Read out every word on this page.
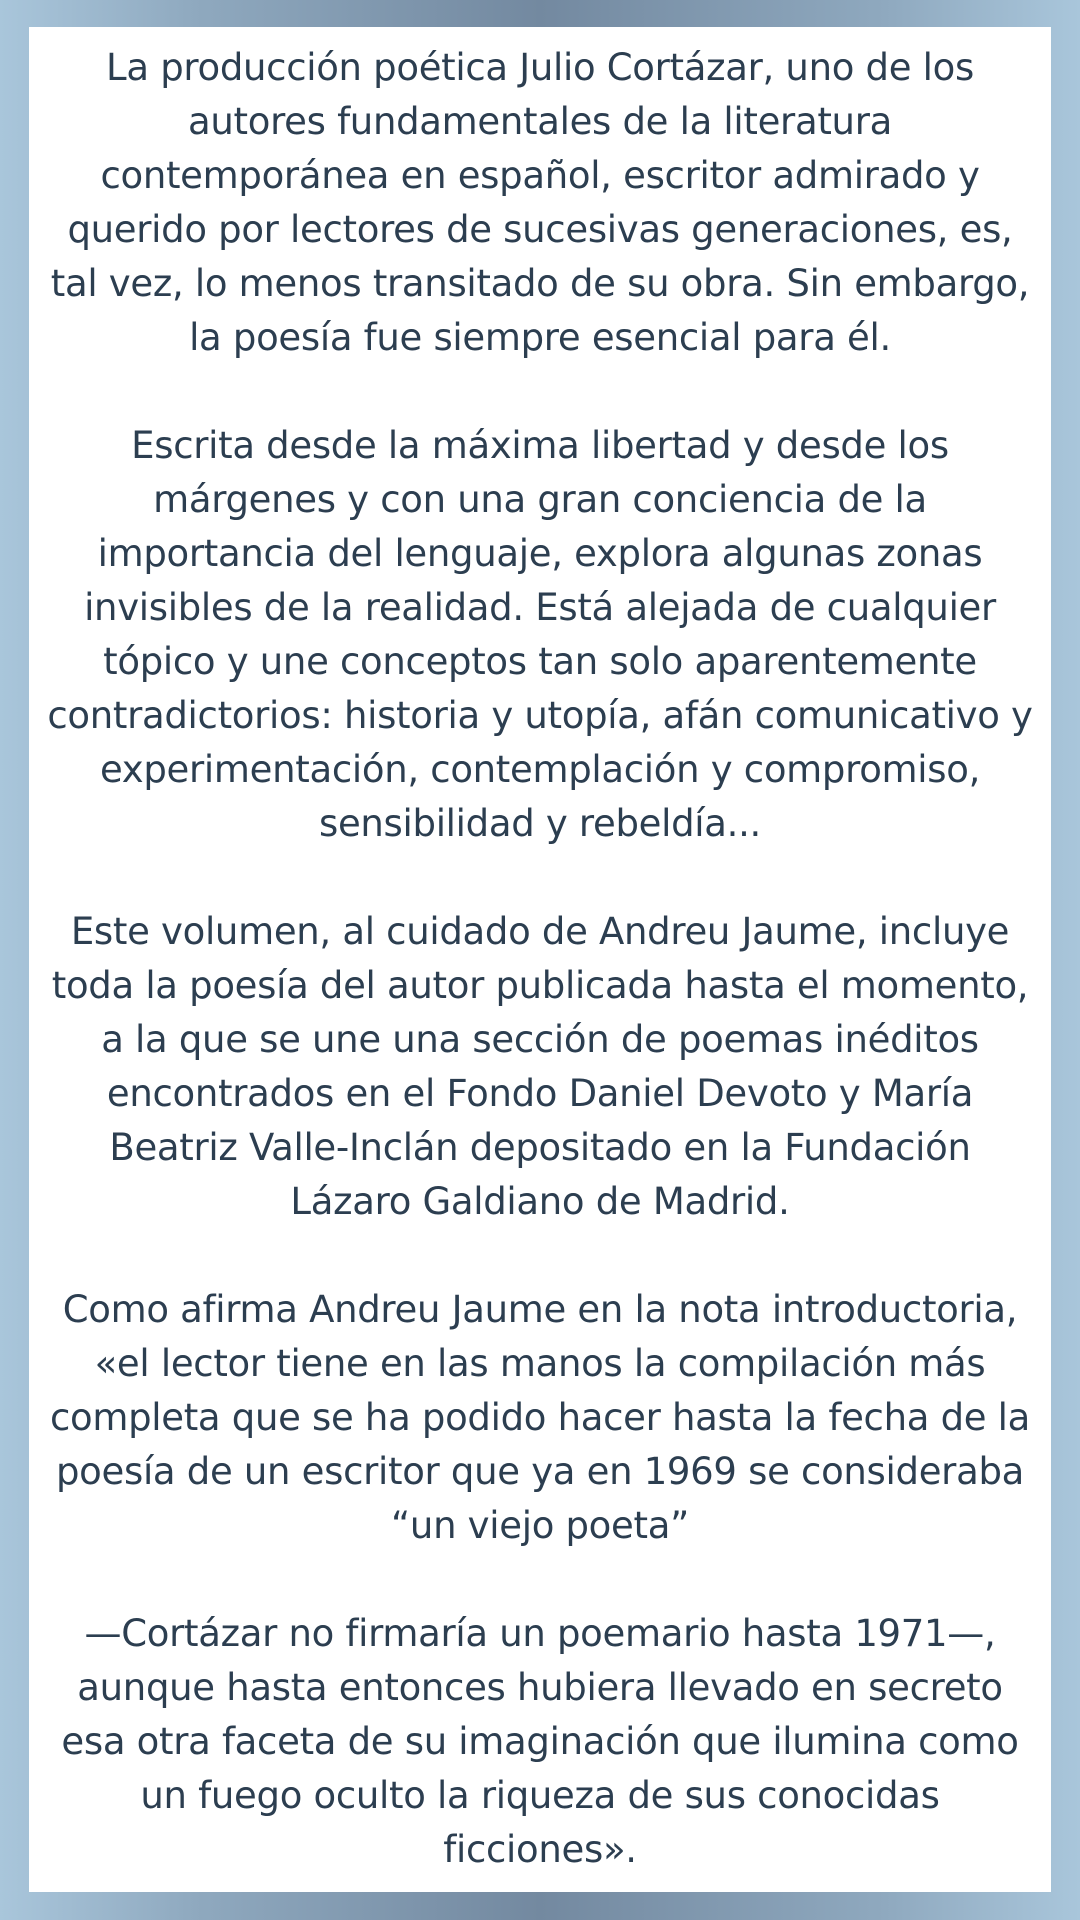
La producción poética Julio Cortázar, uno de los
autores fundamentales de la literatura
contemporánea en español, escritor admirado y
querido por lectores de sucesivas generaciones, es,
tal vez, lo menos transitado de su obra. Sin embargo,
la poesía fue siempre esencial para él.

Escrita desde la máxima libertad y desde los
márgenes y con una gran conciencia de la
importancia del lenguaje, explora algunas zonas
invisibles de la realidad. Está alejada de cualquier
tópico y une conceptos tan solo aparentemente
contradictorios: historia y utopía, afán comunicativo y
experimentación, contemplación y compromiso,
sensibilidad y rebeldía...

Este volumen, al cuidado de Andreu Jaume, incluye
toda la poesía del autor publicada hasta el momento,
a la que se une una sección de poemas inéditos
encontrados en el Fondo Daniel Devoto y María
Beatriz Valle-Inclán depositado en la Fundación
Lázaro Galdiano de Madrid.

Como afirma Andreu Jaume en la nota introductoria,
«el lector tiene en las manos la compilación más
completa que se ha podido hacer hasta la fecha de la
poesía de un escritor que ya en 1969 se consideraba
“un viejo poeta”

—Cortázar no firmaría un poemario hasta 1971—,
aunque hasta entonces hubiera llevado en secreto
esa otra faceta de su imaginación que ilumina como
un fuego oculto la riqueza de sus conocidas
ficciones».
